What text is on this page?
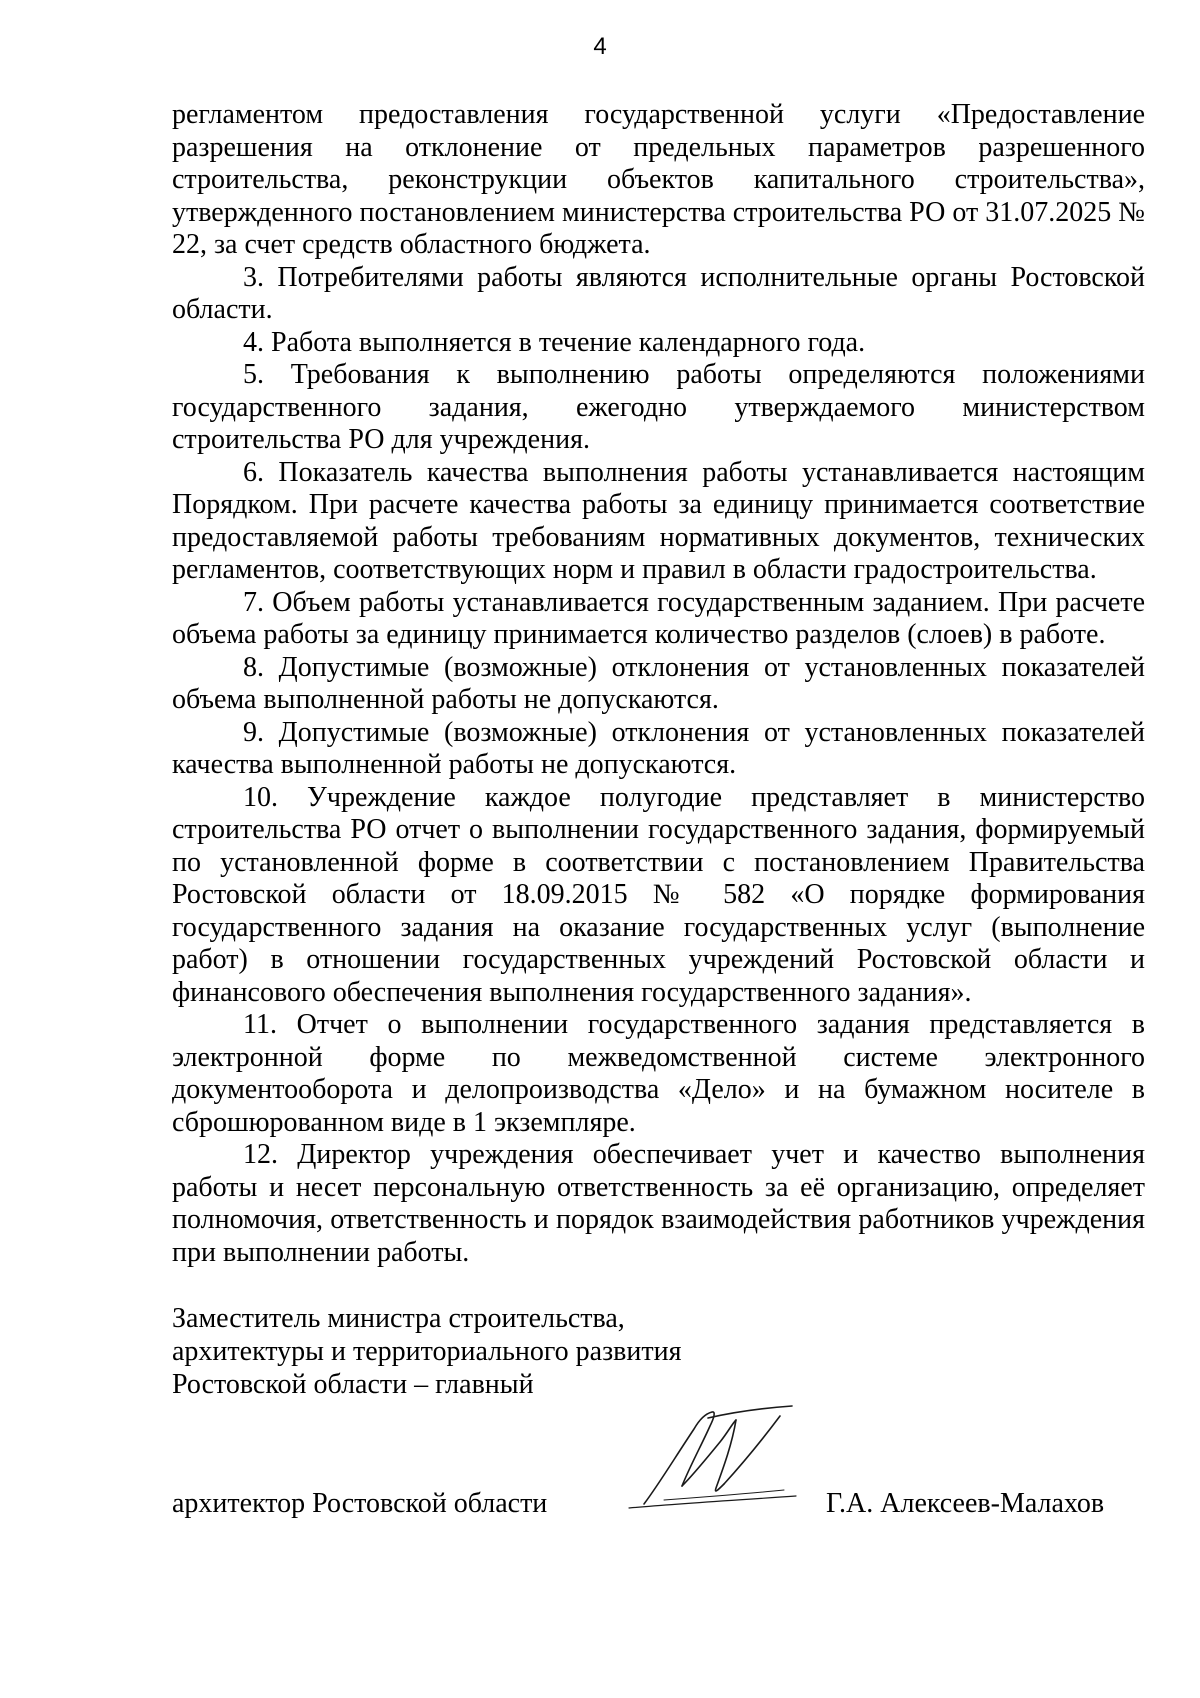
4

регламентом предоставления государственной услуги «Предоставление разрешения на отклонение от предельных параметров разрешенного строительства, реконструкции объектов капитального строительства», утвержденного постановлением министерства строительства РО от 31.07.2025 № 22, за счет средств областного бюджета.

3. Потребителями работы являются исполнительные органы Ростовской области.

4. Работа выполняется в течение календарного года.

5. Требования к выполнению работы определяются положениями государственного задания, ежегодно утверждаемого министерством строительства РО для учреждения.

6. Показатель качества выполнения работы устанавливается настоящим Порядком. При расчете качества работы за единицу принимается соответствие предоставляемой работы требованиям нормативных документов, технических регламентов, соответствующих норм и правил в области градостроительства.

7. Объем работы устанавливается государственным заданием. При расчете объема работы за единицу принимается количество разделов (слоев) в работе.

8. Допустимые (возможные) отклонения от установленных показателей объема выполненной работы не допускаются.

9. Допустимые (возможные) отклонения от установленных показателей качества выполненной работы не допускаются.

10. Учреждение каждое полугодие представляет в министерство строительства РО отчет о выполнении государственного задания, формируемый по установленной форме в соответствии с постановлением Правительства Ростовской области от 18.09.2015 № 582 «О порядке формирования государственного задания на оказание государственных услуг (выполнение работ) в отношении государственных учреждений Ростовской области и финансового обеспечения выполнения государственного задания».

11. Отчет о выполнении государственного задания представляется в электронной форме по межведомственной системе электронного документооборота и делопроизводства «Дело» и на бумажном носителе в сброшюрованном виде в 1 экземпляре.

12. Директор учреждения обеспечивает учет и качество выполнения работы и несет персональную ответственность за её организацию, определяет полномочия, ответственность и порядок взаимодействия работников учреждения при выполнении работы.

Заместитель министра строительства,
архитектуры и территориального развития
Ростовской области – главный
архитектор Ростовской области	Г.А. Алексеев-Малахов
